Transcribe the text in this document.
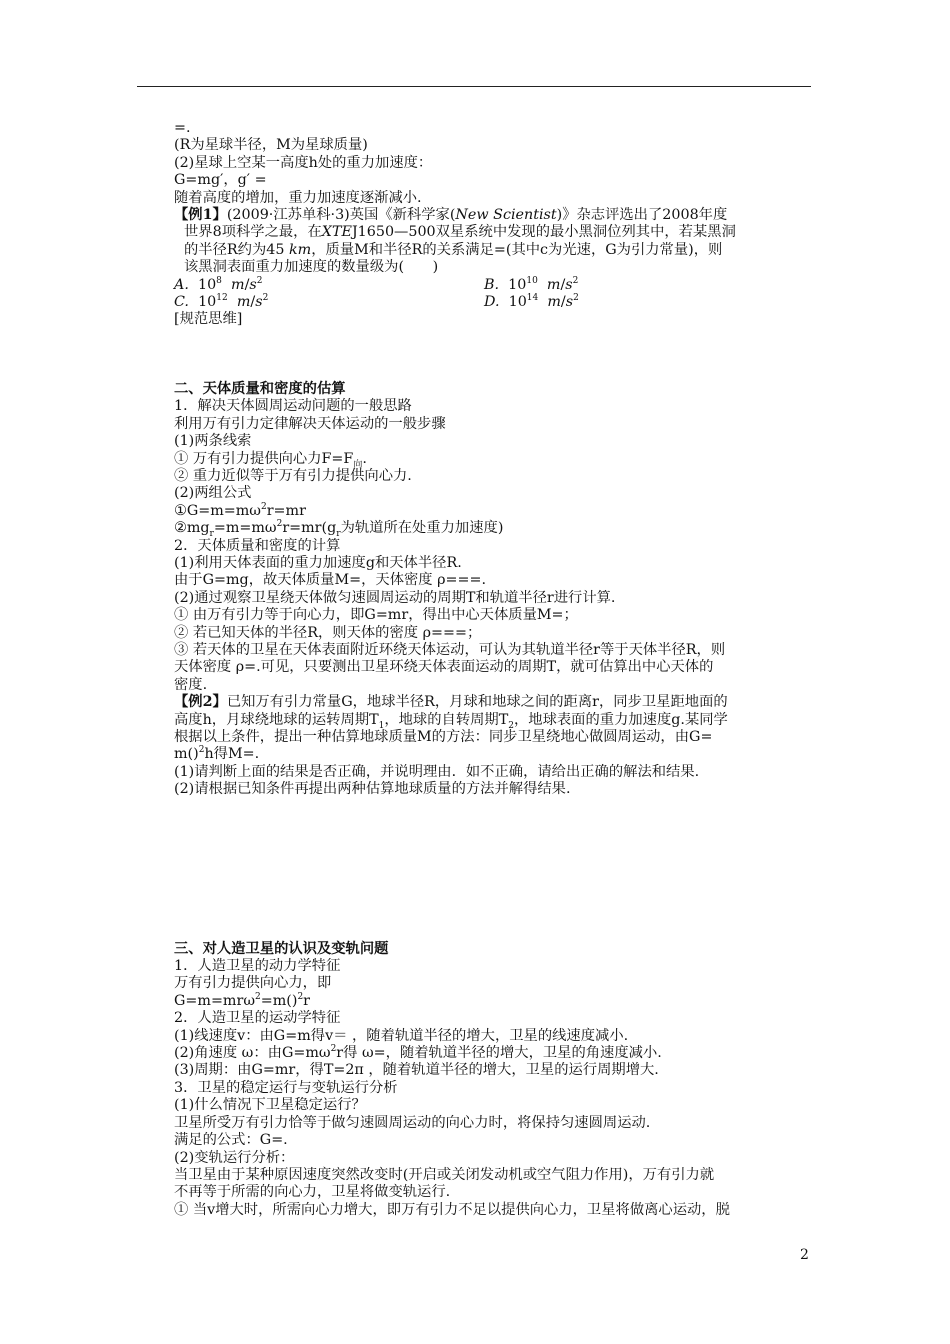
=.
(R为星球半径，M为星球质量)
(2)星球上空某一高度h处的重力加速度：
G=mg′，g′ =
随着高度的增加，重力加速度逐渐减小.
【例1】(2009·江苏单科·3)英国《新科学家(New Scientist)》杂志评选出了2008年度
世界8项科学之最，在XTEJ1650—500双星系统中发现的最小黑洞位列其中，若某黑洞
的半径R约为45 km，质量M和半径R的关系满足=(其中c为光速，G为引力常量)，则
该黑洞表面重力加速度的数量级为(　　)
A. $10^8$ $m/s^2$	B. $10^{10}$ $m/s^2$
C. $10^{12}$ $m/s^2$	D. $10^{14}$ $m/s^2$
[规范思维]
二、天体质量和密度的估算
1．解决天体圆周运动问题的一般思路
利用万有引力定律解决天体运动的一般步骤
(1)两条线索
① 万有引力提供向心力$F=F_向$.
② 重力近似等于万有引力提供向心力.
(2)两组公式
$①G=m=m\omega^2r=mr$
$②mg_r=m=m\omega^2r=mr(g_r$为轨道所在处重力加速度)
2．天体质量和密度的计算
(1)利用天体表面的重力加速度g和天体半径R.
由于G=mg，故天体质量M=，天体密度 ρ===.
(2)通过观察卫星绕天体做匀速圆周运动的周期T和轨道半径r进行计算.
① 由万有引力等于向心力，即G=mr，得出中心天体质量M=；
② 若已知天体的半径R，则天体的密度 ρ===；
③ 若天体的卫星在天体表面附近环绕天体运动，可认为其轨道半径r等于天体半径R，则
天体密度 ρ=.可见，只要测出卫星环绕天体表面运动的周期T，就可估算出中心天体的
密度.
【例2】已知万有引力常量G，地球半径R，月球和地球之间的距离r，同步卫星距地面的
高度h，月球绕地球的运转周期$T_1$，地球的自转周期$T_2$，地球表面的重力加速度g.某同学
根据以上条件，提出一种估算地球质量M的方法：同步卫星绕地心做圆周运动，由G=
m()$^2$h得M=.
(1)请判断上面的结果是否正确，并说明理由．如不正确，请给出正确的解法和结果.
(2)请根据已知条件再提出两种估算地球质量的方法并解得结果.
三、对人造卫星的认识及变轨问题
1．人造卫星的动力学特征
万有引力提供向心力，即
G=m=mrω$^2$=m()$^2$r
2．人造卫星的运动学特征
(1)线速度v：由G=m得v＝ ，随着轨道半径的增大，卫星的线速度减小.
(2)角速度 ω：由$G=m\omega^2r$得 ω=，随着轨道半径的增大，卫星的角速度减小.
(3)周期：由G=mr，得T=2π ，随着轨道半径的增大，卫星的运行周期增大.
3．卫星的稳定运行与变轨运行分析
(1)什么情况下卫星稳定运行？
卫星所受万有引力恰等于做匀速圆周运动的向心力时，将保持匀速圆周运动.
满足的公式：G=.
(2)变轨运行分析：
当卫星由于某种原因速度突然改变时(开启或关闭发动机或空气阻力作用)，万有引力就
不再等于所需的向心力，卫星将做变轨运行.
① 当v增大时，所需向心力增大，即万有引力不足以提供向心力，卫星将做离心运动，脱
2
